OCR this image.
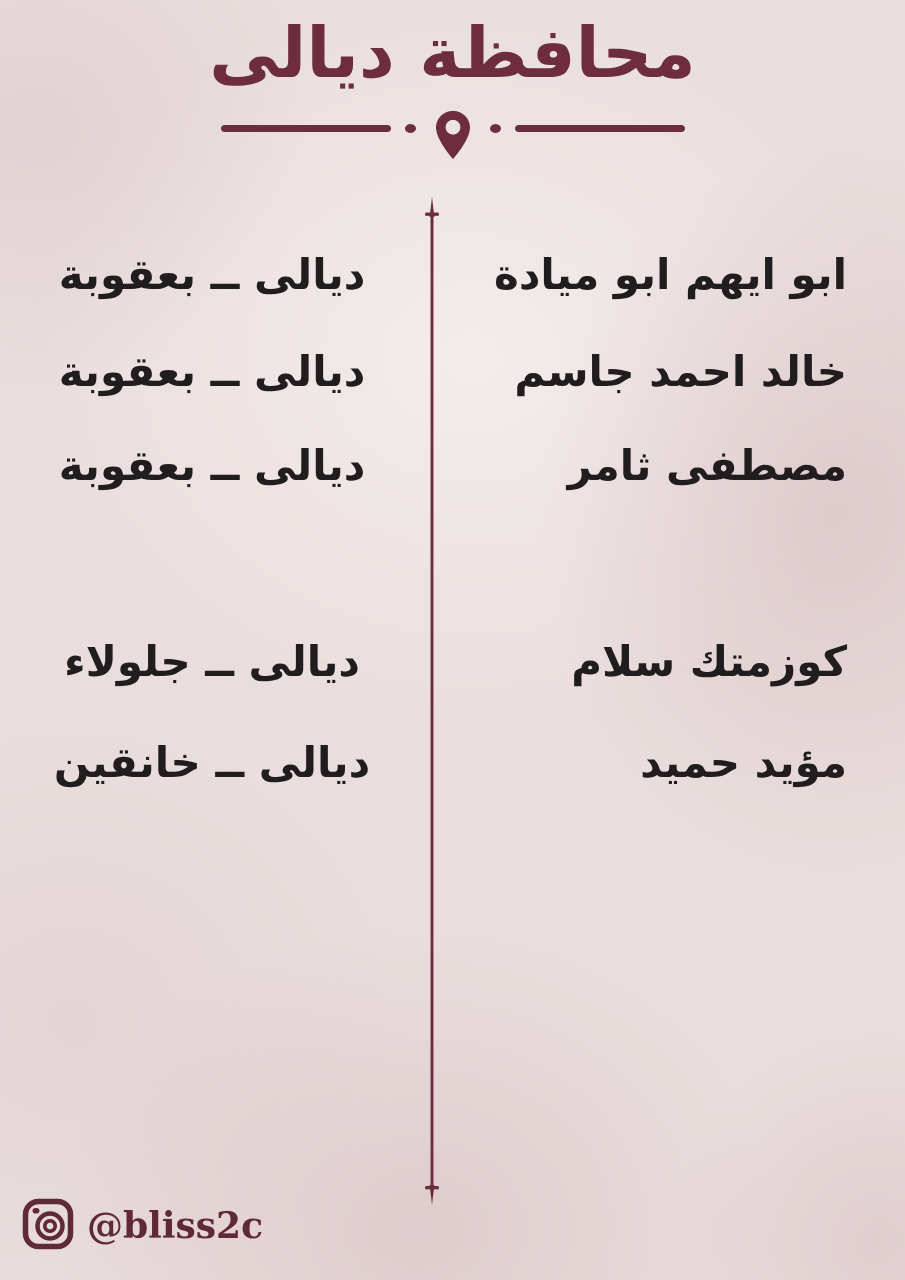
محافظة ديالى
ابو ايهم ابو ميادة
ديالى ــ بعقوبة
خالد احمد جاسم
ديالى ــ بعقوبة
مصطفى ثامر
ديالى ــ بعقوبة
كوزمتك سلام
ديالى ــ جلولاء
مؤيد حميد
ديالى ــ خانقين
@bliss2c
